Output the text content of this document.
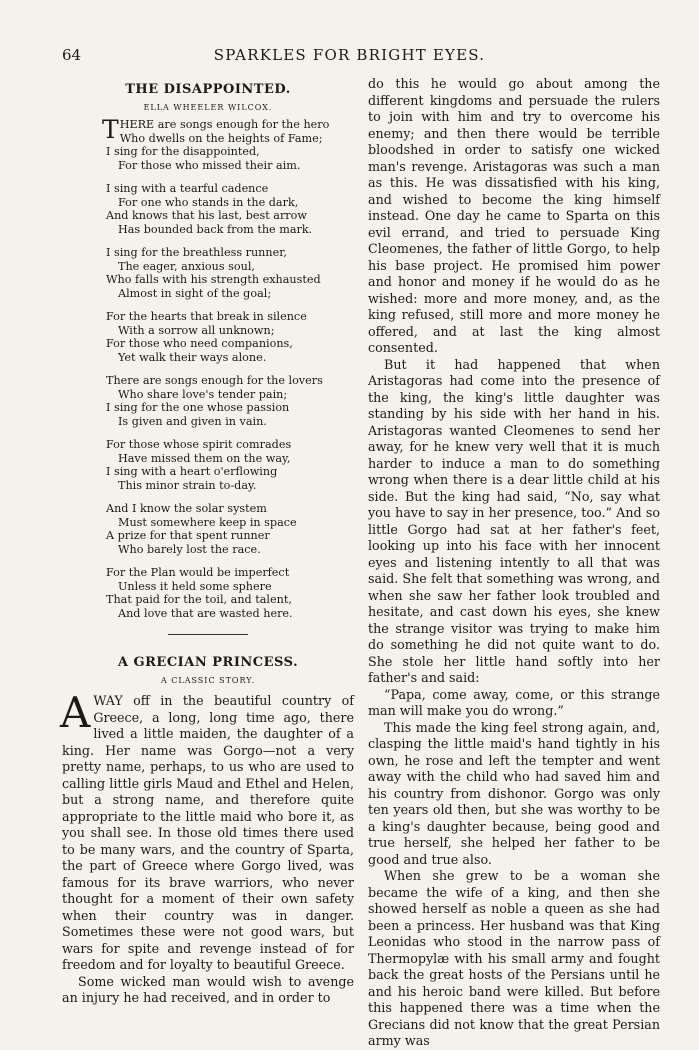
64	SPARKLES FOR BRIGHT EYES.
THE DISAPPOINTED.
ELLA WHEELER WILCOX.
T HERE are songs enough for the hero
Who dwells on the heights of Fame;
I sing for the disappointed,
For those who missed their aim.
I sing with a tearful cadence
For one who stands in the dark,
And knows that his last, best arrow
Has bounded back from the mark.
I sing for the breathless runner,
The eager, anxious soul,
Who falls with his strength exhausted
Almost in sight of the goal;
For the hearts that break in silence
With a sorrow all unknown;
For those who need companions,
Yet walk their ways alone.
There are songs enough for the lovers
Who share love's tender pain;
I sing for the one whose passion
Is given and given in vain.
For those whose spirit comrades
Have missed them on the way,
I sing with a heart o'erflowing
This minor strain to-day.
And I know the solar system
Must somewhere keep in space
A prize for that spent runner
Who barely lost the race.
For the Plan would be imperfect
Unless it held some sphere
That paid for the toil, and talent,
And love that are wasted here.
A GRECIAN PRINCESS.
A CLASSIC STORY.

AWAY off in the beautiful country of Greece, a long, long time ago, there lived a little maiden, the daughter of a king. Her name was Gorgo—not a very pretty name, perhaps, to us who are used to calling little girls Maud and Ethel and Helen, but a strong name, and therefore quite appropriate to the little maid who bore it, as you shall see. In those old times there used to be many wars, and the country of Sparta, the part of Greece where Gorgo lived, was famous for its brave warriors, who never thought for a moment of their own safety when their country was in danger. Sometimes these were not good wars, but wars for spite and revenge instead of for freedom and for loyalty to beautiful Greece.

Some wicked man would wish to avenge an injury he had received, and in order to

do this he would go about among the different kingdoms and persuade the rulers to join with him and try to overcome his enemy; and then there would be terrible bloodshed in order to satisfy one wicked man's revenge. Aristagoras was such a man as this. He was dissatisfied with his king, and wished to become the king himself instead. One day he came to Sparta on this evil errand, and tried to persuade King Cleomenes, the father of little Gorgo, to help his base project. He promised him power and honor and money if he would do as he wished: more and more money, and, as the king refused, still more and more money he offered, and at last the king almost consented.

But it had happened that when Aristagoras had come into the presence of the king, the king's little daughter was standing by his side with her hand in his. Aristagoras wanted Cleomenes to send her away, for he knew very well that it is much harder to induce a man to do something wrong when there is a dear little child at his side. But the king had said, “No, say what you have to say in her presence, too.” And so little Gorgo had sat at her father's feet, looking up into his face with her innocent eyes and listening intently to all that was said. She felt that something was wrong, and when she saw her father look troubled and hesitate, and cast down his eyes, she knew the strange visitor was trying to make him do something he did not quite want to do. She stole her little hand softly into her father's and said:

“Papa, come away, come, or this strange man will make you do wrong.”

This made the king feel strong again, and, clasping the little maid's hand tightly in his own, he rose and left the tempter and went away with the child who had saved him and his country from dishonor. Gorgo was only ten years old then, but she was worthy to be a king's daughter because, being good and true herself, she helped her father to be good and true also.

When she grew to be a woman she became the wife of a king, and then she showed herself as noble a queen as she had been a princess. Her husband was that King Leonidas who stood in the narrow pass of Thermopylæ with his small army and fought back the great hosts of the Persians until he and his heroic band were killed. But before this happened there was a time when the Grecians did not know that the great Persian army was
